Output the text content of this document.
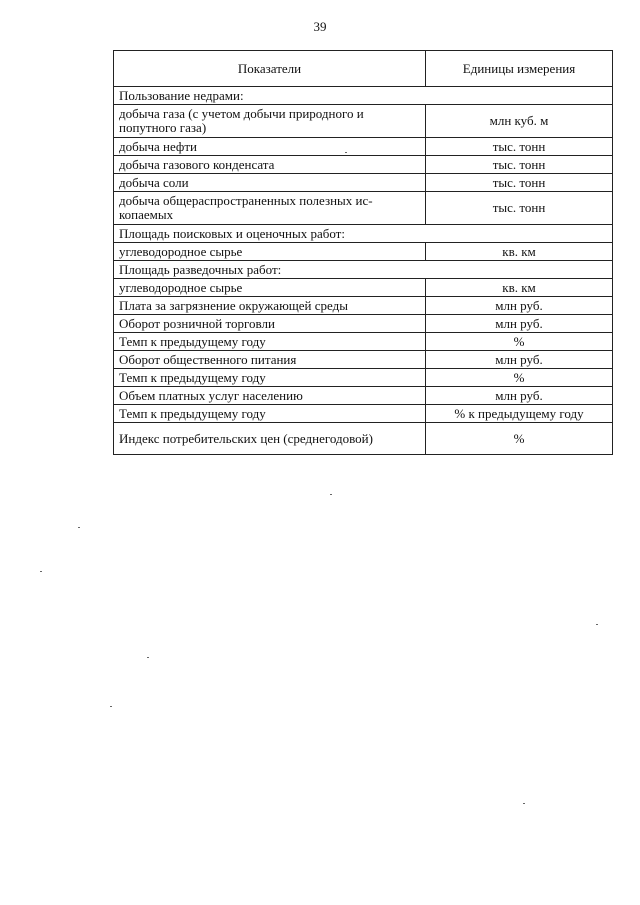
39
Показатели	Единицы измерения
Пользование недрами:	
добыча газа (с учетом добычи природного и попутного газа)	млн куб. м
добыча нефти	тыс. тонн
добыча газового конденсата	тыс. тонн
добыча соли	тыс. тонн
добыча общераспространенных полезных ис-копаемых	тыс. тонн
Площадь поисковых и оценочных работ:	
углеводородное сырье	кв. км
Площадь разведочных работ:	
углеводородное сырье	кв. км
Плата за загрязнение окружающей среды	млн руб.
Оборот розничной торговли	млн руб.
Темп к предыдущему году	%
Оборот общественного питания	млн руб.
Темп к предыдущему году	%
Объем платных услуг населению	млн руб.
Темп к предыдущему году	% к предыдущему году
Индекс потребительских цен (среднегодовой)	%
